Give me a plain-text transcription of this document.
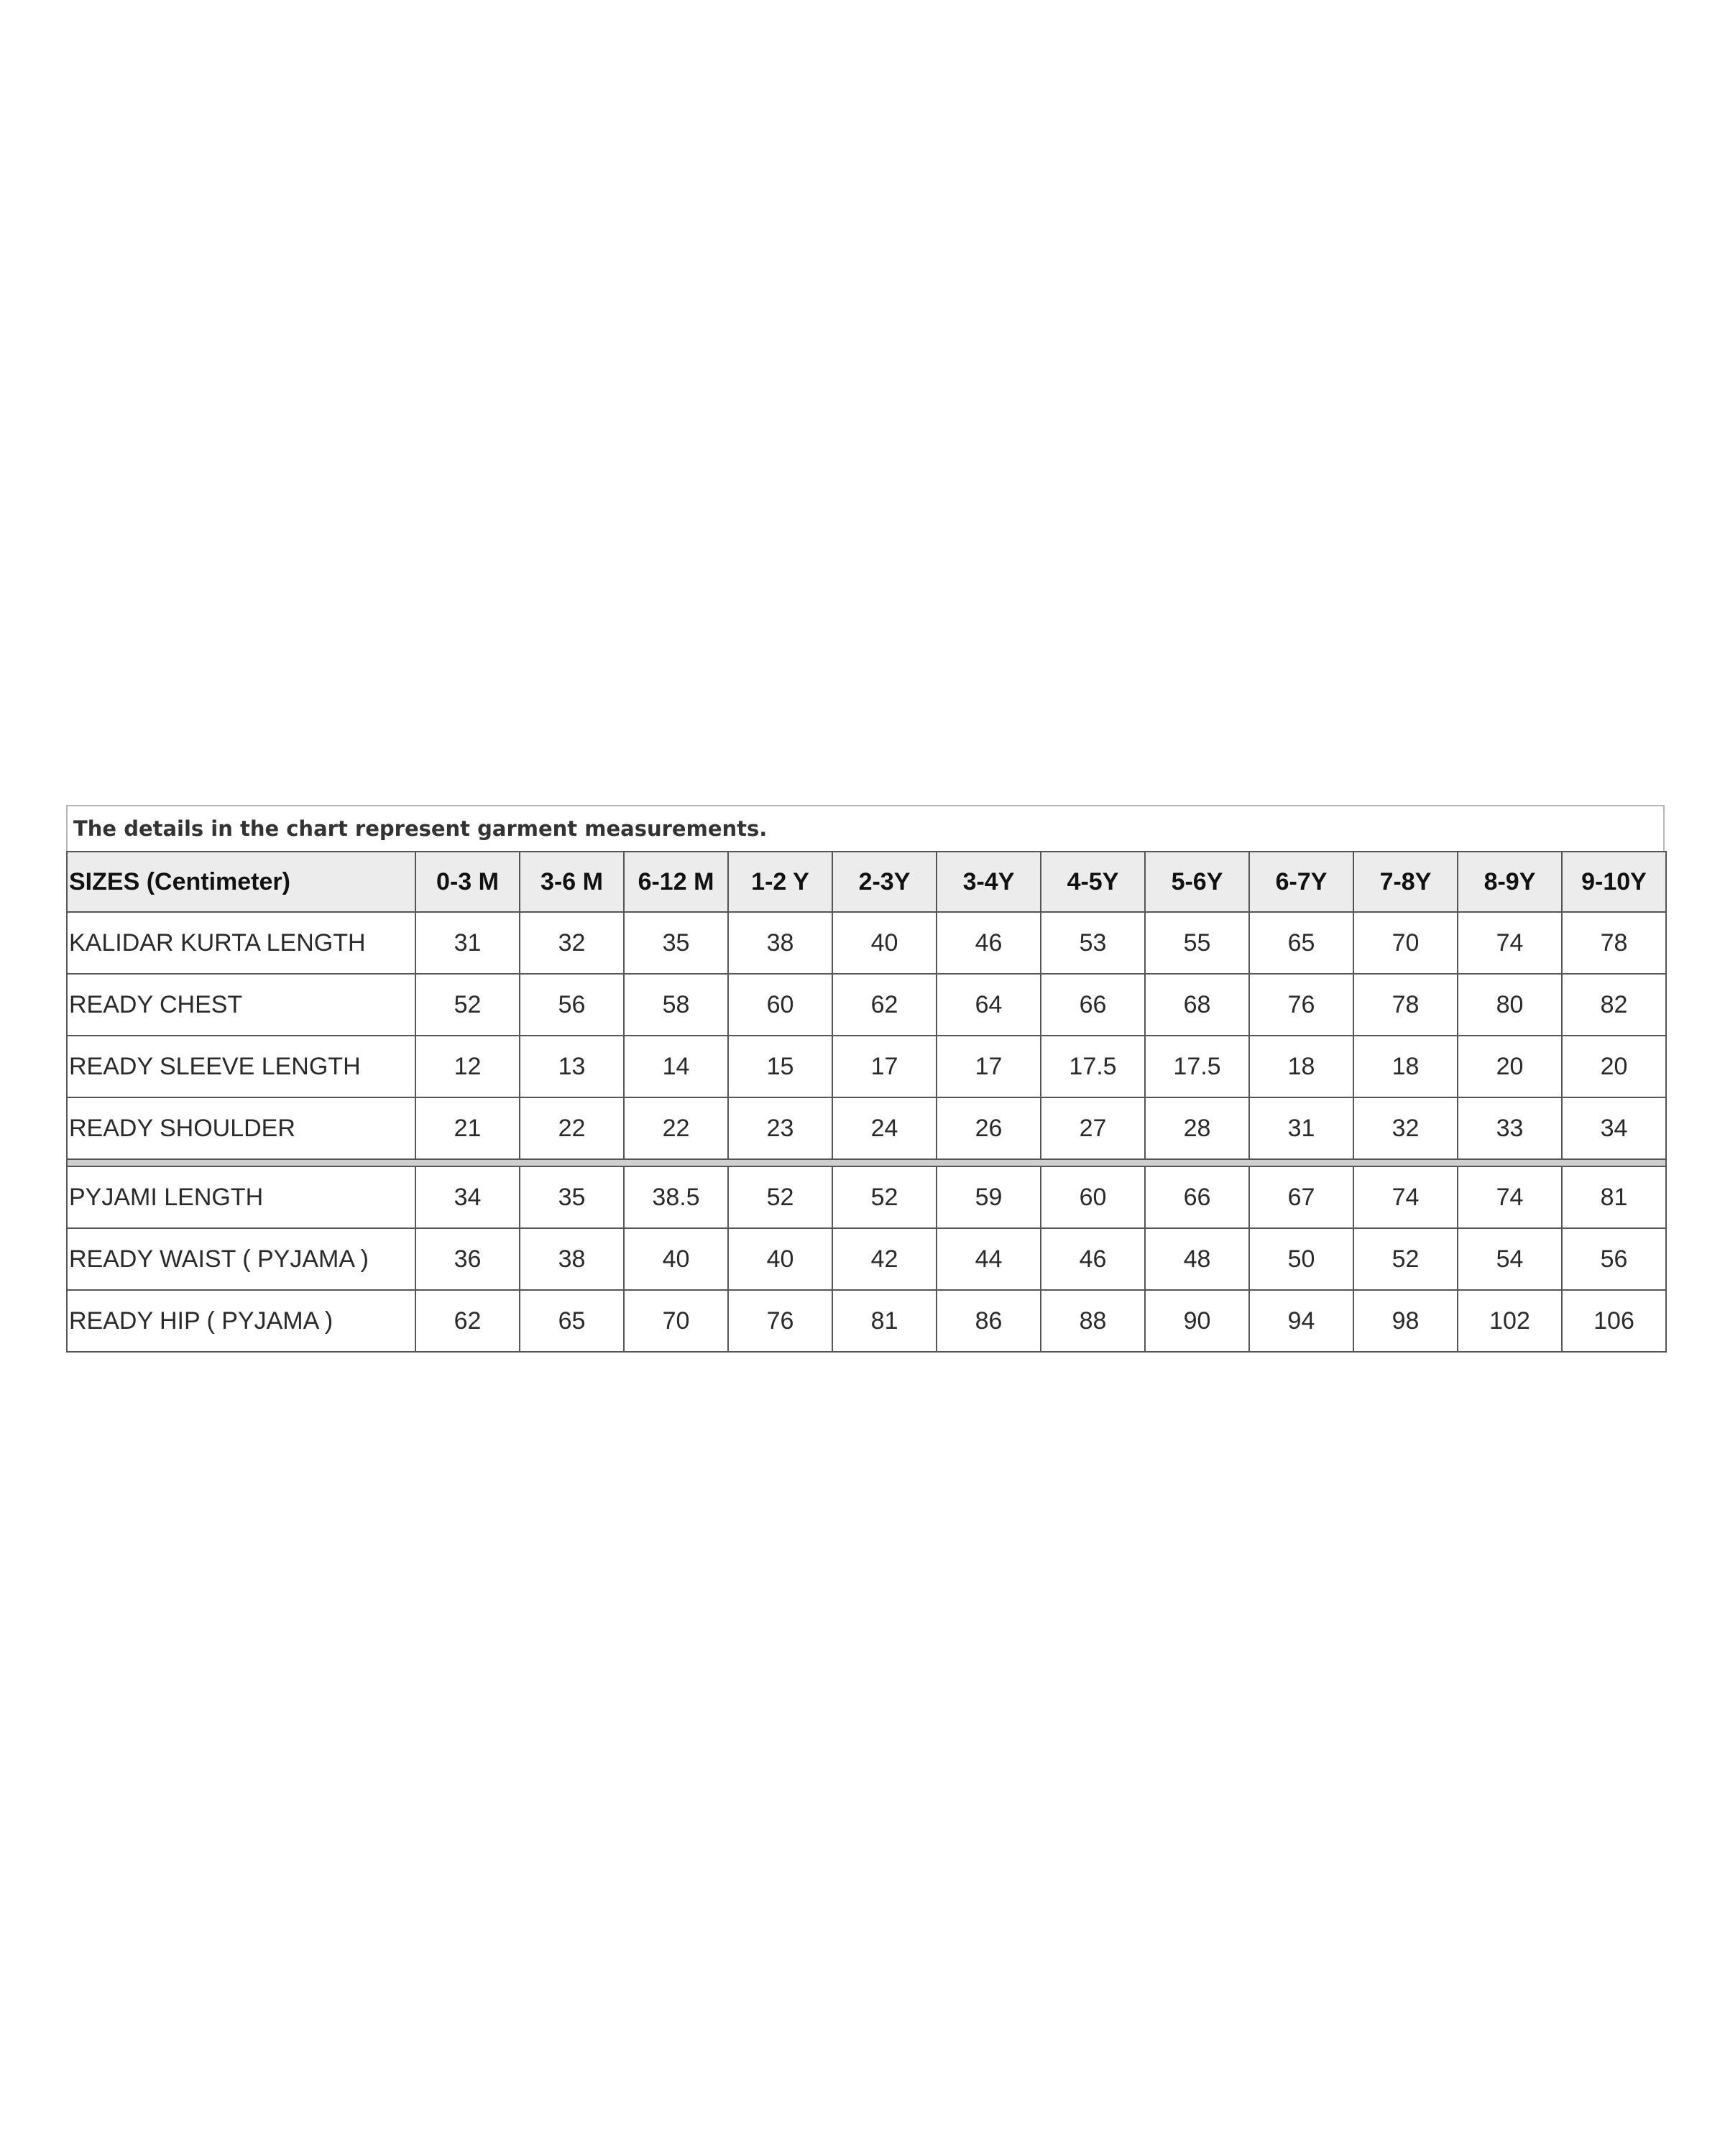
The details in the chart represent garment measurements.
SIZES (Centimeter)	0-3 M	3-6 M	6-12 M	1-2 Y	2-3Y	3-4Y	4-5Y	5-6Y	6-7Y	7-8Y	8-9Y	9-10Y
KALIDAR KURTA LENGTH	31	32	35	38	40	46	53	55	65	70	74	78
READY CHEST	52	56	58	60	62	64	66	68	76	78	80	82
READY SLEEVE LENGTH	12	13	14	15	17	17	17.5	17.5	18	18	20	20
READY SHOULDER	21	22	22	23	24	26	27	28	31	32	33	34

PYJAMI LENGTH	34	35	38.5	52	52	59	60	66	67	74	74	81
READY WAIST ( PYJAMA )	36	38	40	40	42	44	46	48	50	52	54	56
READY HIP ( PYJAMA )	62	65	70	76	81	86	88	90	94	98	102	106
